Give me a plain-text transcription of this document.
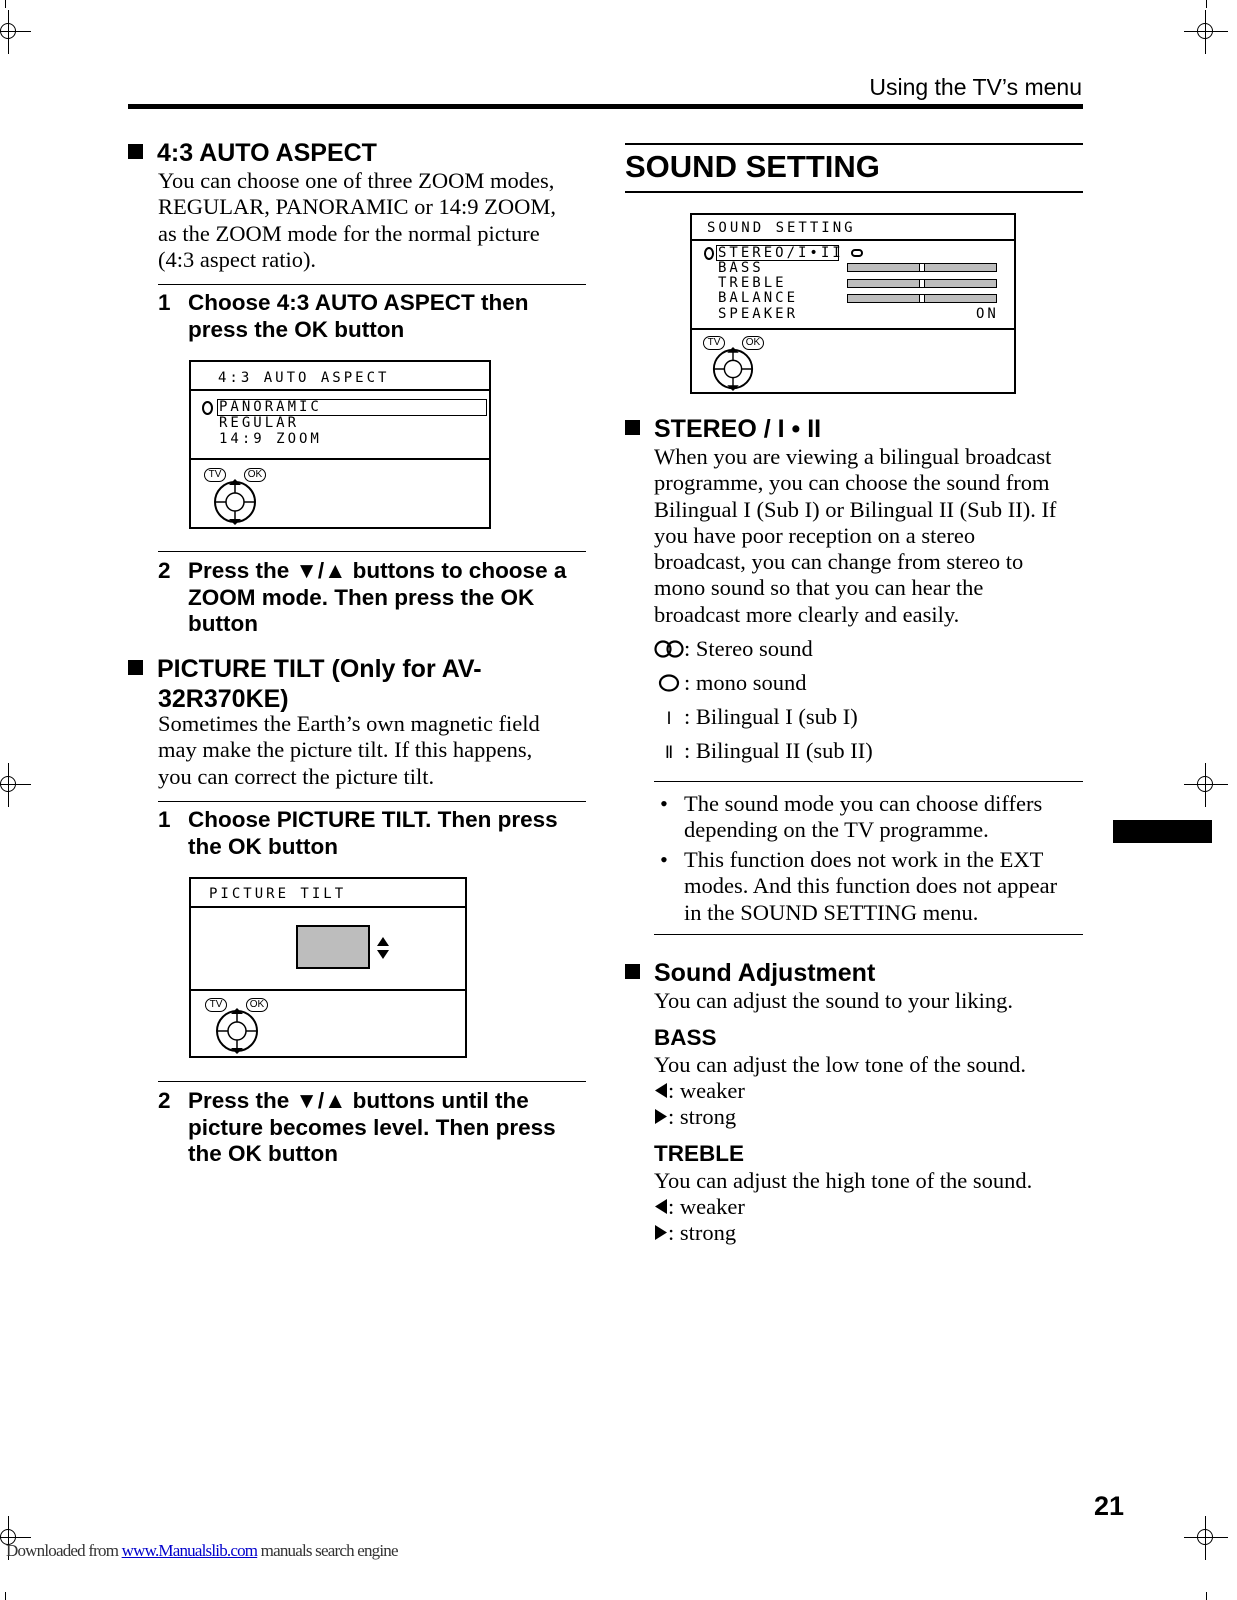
Using the TV’s menu
4:3 AUTO ASPECT
You can choose one of three ZOOM modes,
REGULAR, PANORAMIC or 14:9 ZOOM,
as the ZOOM mode for the normal picture
(4:3 aspect ratio).
1 Choose 4:3 AUTO ASPECT then
press the OK button
4:3 AUTO ASPECT
PANORAMIC
REGULAR
14:9 ZOOM
TV	OK
2 Press the ▼/▲ buttons to choose a
ZOOM mode. Then press the OK
button
PICTURE TILT (Only for AV-
32R370KE)
Sometimes the Earth’s own magnetic field
may make the picture tilt. If this happens,
you can correct the picture tilt.
1 Choose PICTURE TILT. Then press
the OK button
PICTURE TILT
TV	OK
2 Press the ▼/▲ buttons until the
picture becomes level. Then press
the OK button
SOUND SETTING
SOUND SETTING
STEREO/I•II
BASS
TREBLE
BALANCE
SPEAKER	ON
TV	OK
STEREO / I • II
When you are viewing a bilingual broadcast
programme, you can choose the sound from
Bilingual I (Sub I) or Bilingual II (Sub II). If
you have poor reception on a stereo
broadcast, you can change from stereo to
mono sound so that you can hear the
broadcast more clearly and easily.
: Stereo sound
: mono sound
Ⅰ : Bilingual I (sub I)
Ⅱ : Bilingual II (sub II)
• The sound mode you can choose differs
depending on the TV programme.
• This function does not work in the EXT
modes. And this function does not appear
in the SOUND SETTING menu.
Sound Adjustment
You can adjust the sound to your liking.
BASS
You can adjust the low tone of the sound.
: weaker
: strong
TREBLE
You can adjust the high tone of the sound.
: weaker
: strong
21
Downloaded from www.Manualslib.com manuals search engine
